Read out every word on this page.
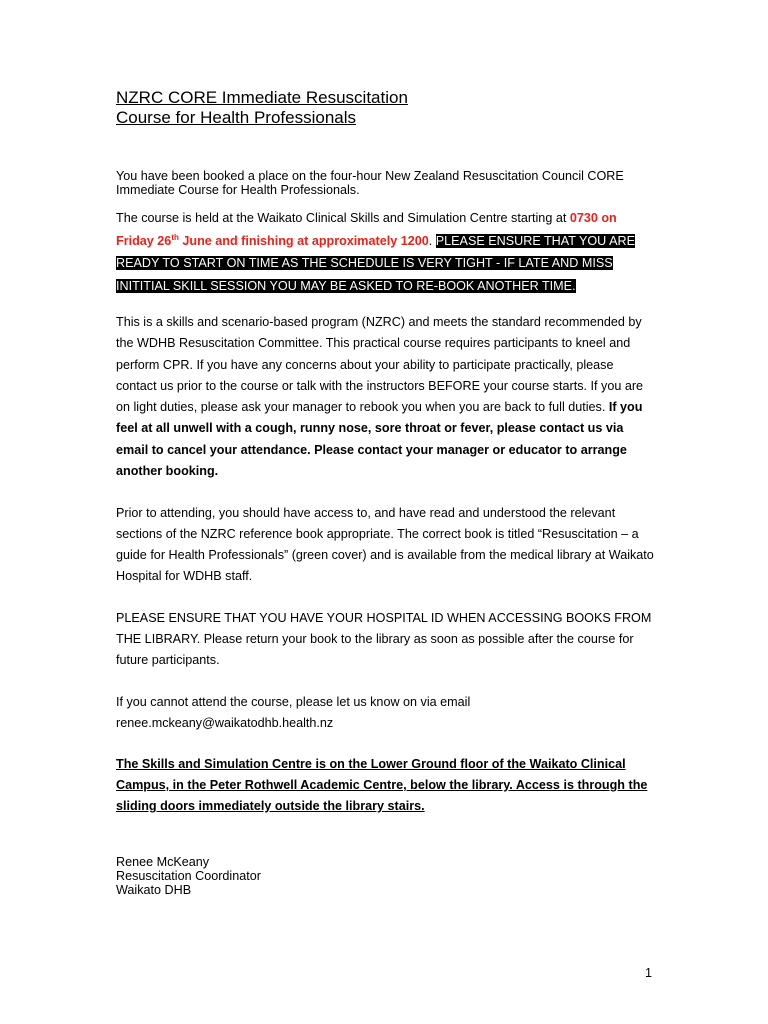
NZRC CORE Immediate Resuscitation
Course for Health Professionals
You have been booked a place on the four-hour New Zealand Resuscitation Council CORE Immediate Course for Health Professionals.
The course is held at the Waikato Clinical Skills and Simulation Centre starting at 0730 on Friday 26th June and finishing at approximately 1200. PLEASE ENSURE THAT YOU ARE READY TO START ON TIME AS THE SCHEDULE IS VERY TIGHT - IF LATE AND MISS INITITIAL SKILL SESSION YOU MAY BE ASKED TO RE-BOOK ANOTHER TIME.
This is a skills and scenario-based program (NZRC) and meets the standard recommended by the WDHB Resuscitation Committee. This practical course requires participants to kneel and perform CPR. If you have any concerns about your ability to participate practically, please contact us prior to the course or talk with the instructors BEFORE your course starts. If you are on light duties, please ask your manager to rebook you when you are back to full duties. If you feel at all unwell with a cough, runny nose, sore throat or fever, please contact us via email to cancel your attendance. Please contact your manager or educator to arrange another booking.
Prior to attending, you should have access to, and have read and understood the relevant sections of the NZRC reference book appropriate. The correct book is titled “Resuscitation – a guide for Health Professionals” (green cover) and is available from the medical library at Waikato Hospital for WDHB staff.
PLEASE ENSURE THAT YOU HAVE YOUR HOSPITAL ID WHEN ACCESSING BOOKS FROM THE LIBRARY. Please return your book to the library as soon as possible after the course for future participants.
If you cannot attend the course, please let us know on via email
renee.mckeany@waikatodhb.health.nz
The Skills and Simulation Centre is on the Lower Ground floor of the Waikato Clinical Campus, in the Peter Rothwell Academic Centre, below the library. Access is through the sliding doors immediately outside the library stairs.
Renee McKeany
Resuscitation Coordinator
Waikato DHB
1
